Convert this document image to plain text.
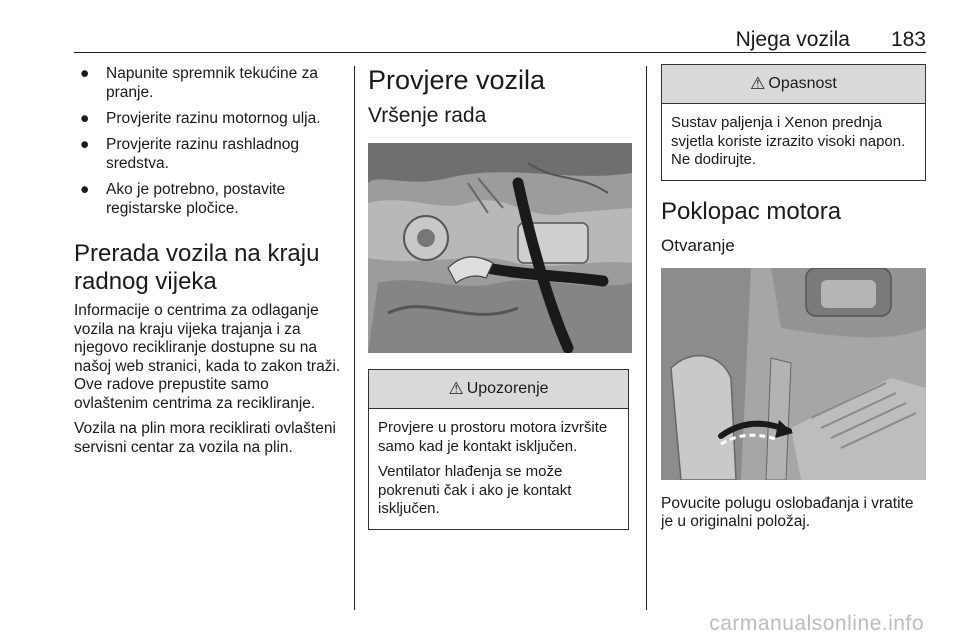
Njega vozila 183
● Napunite spremnik tekućine za pranje.
● Provjerite razinu motornog ulja.
● Provjerite razinu rashladnog sredstva.
● Ako je potrebno, postavite registarske pločice.
Prerada vozila na kraju radnog vijeka

Informacije o centrima za odlaganje vozila na kraju vijeka trajanja i za njegovo recikliranje dostupne su na našoj web stranici, kada to zakon traži. Ove radove prepustite samo ovlaštenim centrima za recikliranje.

Vozila na plin mora reciklirati ovlašteni servisni centar za vozila na plin.

Provjere vozila
Vršenje rada
⚠ Upozorenje

Provjere u prostoru motora izvršite samo kad je kontakt isključen.

Ventilator hlađenja se može pokrenuti čak i ako je kontakt isključen.

⚠ Opasnost

Sustav paljenja i Xenon prednja svjetla koriste izrazito visoki napon. Ne dodirujte.

Poklopac motora
Otvaranje

Povucite polugu oslobađanja i vratite je u originalni položaj.

carmanualsonline.info
